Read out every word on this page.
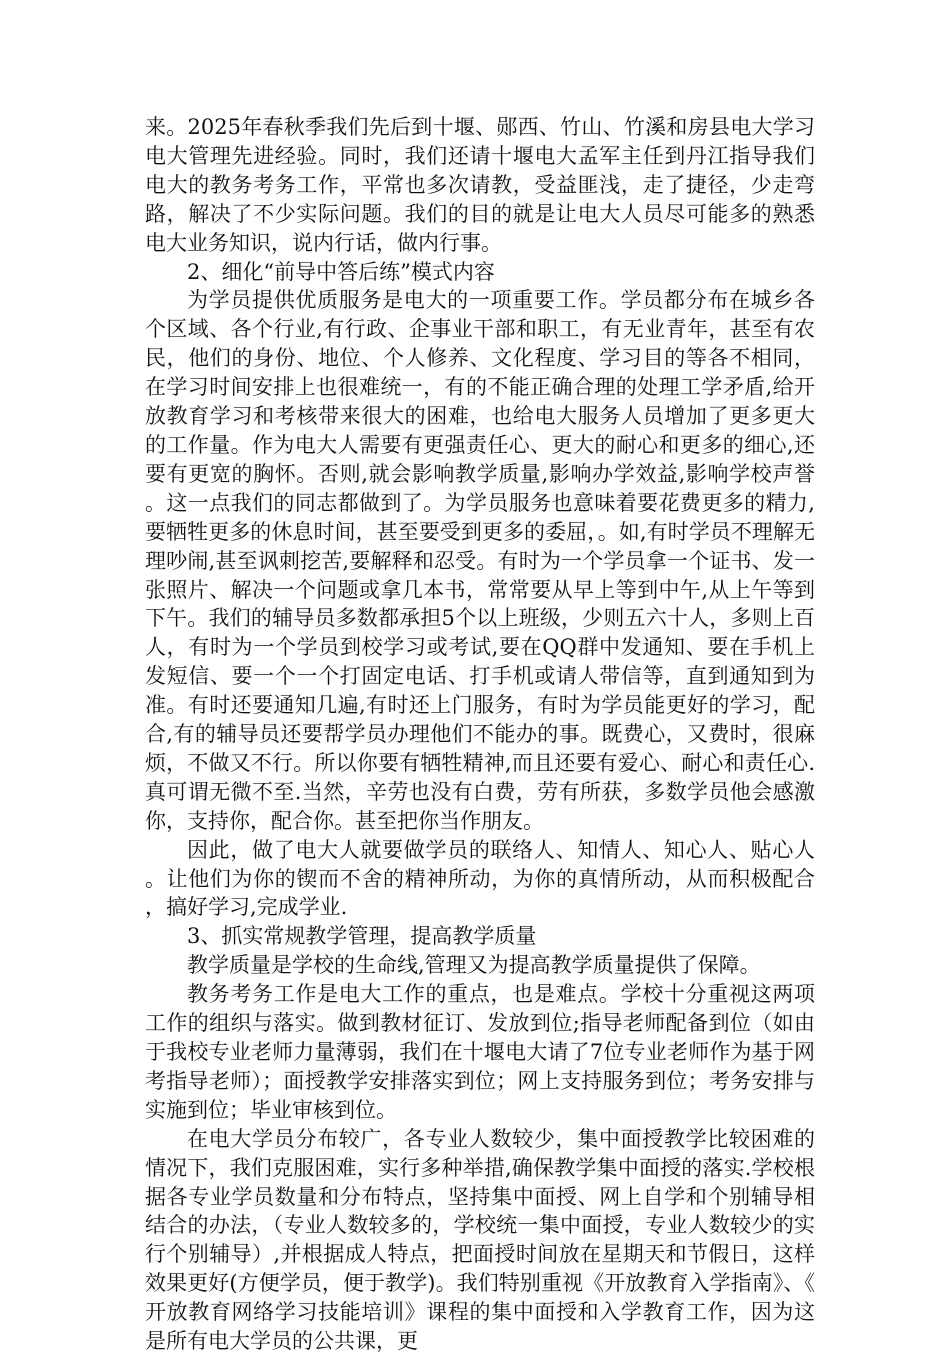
来。2025年春秋季我们先后到十堰、郧西、竹山、竹溪和房县电大学习电大管理先进经验。同时，我们还请十堰电大孟军主任到丹江指导我们电大的教务考务工作，平常也多次请教，受益匪浅，走了捷径，少走弯路，解决了不少实际问题。我们的目的就是让电大人员尽可能多的熟悉电大业务知识，说内行话，做内行事。

2、细化“前导中答后练”模式内容

为学员提供优质服务是电大的一项重要工作。学员都分布在城乡各个区域、各个行业,有行政、企事业干部和职工，有无业青年，甚至有农民，他们的身份、地位、个人修养、文化程度、学习目的等各不相同，在学习时间安排上也很难统一，有的不能正确合理的处理工学矛盾,给开放教育学习和考核带来很大的困难，也给电大服务人员增加了更多更大的工作量。作为电大人需要有更强责任心、更大的耐心和更多的细心,还要有更宽的胸怀。否则,就会影响教学质量,影响办学效益,影响学校声誉。这一点我们的同志都做到了。为学员服务也意味着要花费更多的精力,要牺牲更多的休息时间，甚至要受到更多的委屈，。如,有时学员不理解无理吵闹,甚至讽刺挖苦,要解释和忍受。有时为一个学员拿一个证书、发一张照片、解决一个问题或拿几本书，常常要从早上等到中午,从上午等到下午。我们的辅导员多数都承担5个以上班级，少则五六十人，多则上百人，有时为一个学员到校学习或考试,要在QQ群中发通知、要在手机上发短信、要一个一个打固定电话、打手机或请人带信等，直到通知到为准。有时还要通知几遍,有时还上门服务，有时为学员能更好的学习，配合,有的辅导员还要帮学员办理他们不能办的事。既费心，又费时，很麻烦，不做又不行。所以你要有牺牲精神,而且还要有爱心、耐心和责任心.真可谓无微不至.当然，辛劳也没有白费，劳有所获，多数学员他会感激你，支持你，配合你。甚至把你当作朋友。

因此，做了电大人就要做学员的联络人、知情人、知心人、贴心人。让他们为你的锲而不舍的精神所动，为你的真情所动，从而积极配合，搞好学习,完成学业.

3、抓实常规教学管理，提高教学质量

教学质量是学校的生命线,管理又为提高教学质量提供了保障。

教务考务工作是电大工作的重点，也是难点。学校十分重视这两项工作的组织与落实。做到教材征订、发放到位;指导老师配备到位（如由于我校专业老师力量薄弱，我们在十堰电大请了7位专业老师作为基于网考指导老师）；面授教学安排落实到位；网上支持服务到位；考务安排与实施到位；毕业审核到位。

在电大学员分布较广，各专业人数较少，集中面授教学比较困难的情况下，我们克服困难，实行多种举措,确保教学集中面授的落实.学校根据各专业学员数量和分布特点，坚持集中面授、网上自学和个别辅导相结合的办法，（专业人数较多的，学校统一集中面授，专业人数较少的实行个别辅导）,并根据成人特点，把面授时间放在星期天和节假日，这样效果更好(方便学员，便于教学)。我们特别重视《开放教育入学指南》、《开放教育网络学习技能培训》课程的集中面授和入学教育工作，因为这是所有电大学员的公共课，更
